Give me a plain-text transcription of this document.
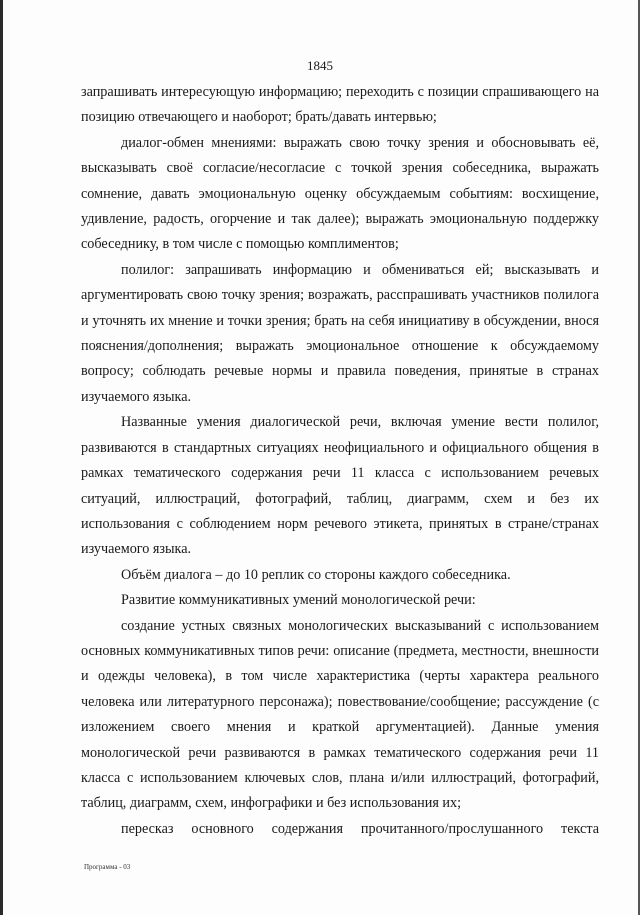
1845

запрашивать интересующую информацию; переходить с позиции спрашивающего на позицию отвечающего и наоборот; брать/давать интервью;

диалог-обмен мнениями: выражать свою точку зрения и обосновывать её, высказывать своё согласие/несогласие с точкой зрения собеседника, выражать сомнение, давать эмоциональную оценку обсуждаемым событиям: восхищение, удивление, радость, огорчение и так далее); выражать эмоциональную поддержку собеседнику, в том числе с помощью комплиментов;

полилог: запрашивать информацию и обмениваться ей; высказывать и аргументировать свою точку зрения; возражать, расспрашивать участников полилога и уточнять их мнение и точки зрения; брать на себя инициативу в обсуждении, внося пояснения/дополнения; выражать эмоциональное отношение к обсуждаемому вопросу; соблюдать речевые нормы и правила поведения, принятые в странах изучаемого языка.

Названные умения диалогической речи, включая умение вести полилог, развиваются в стандартных ситуациях неофициального и официального общения в рамках тематического содержания речи 11 класса с использованием речевых ситуаций, иллюстраций, фотографий, таблиц, диаграмм, схем и без их использования с соблюдением норм речевого этикета, принятых в стране/странах изучаемого языка.

Объём диалога – до 10 реплик со стороны каждого собеседника.

Развитие коммуникативных умений монологической речи:

создание устных связных монологических высказываний с использованием основных коммуникативных типов речи: описание (предмета, местности, внешности и одежды человека), в том числе характеристика (черты характера реального человека или литературного персонажа); повествование/сообщение; рассуждение (с изложением своего мнения и краткой аргументацией). Данные умения монологической речи развиваются в рамках тематического содержания речи 11 класса с использованием ключевых слов, плана и/или иллюстраций, фотографий, таблиц, диаграмм, схем, инфографики и без использования их;

пересказ основного содержания прочитанного/прослушанного текста

Программа - 03
